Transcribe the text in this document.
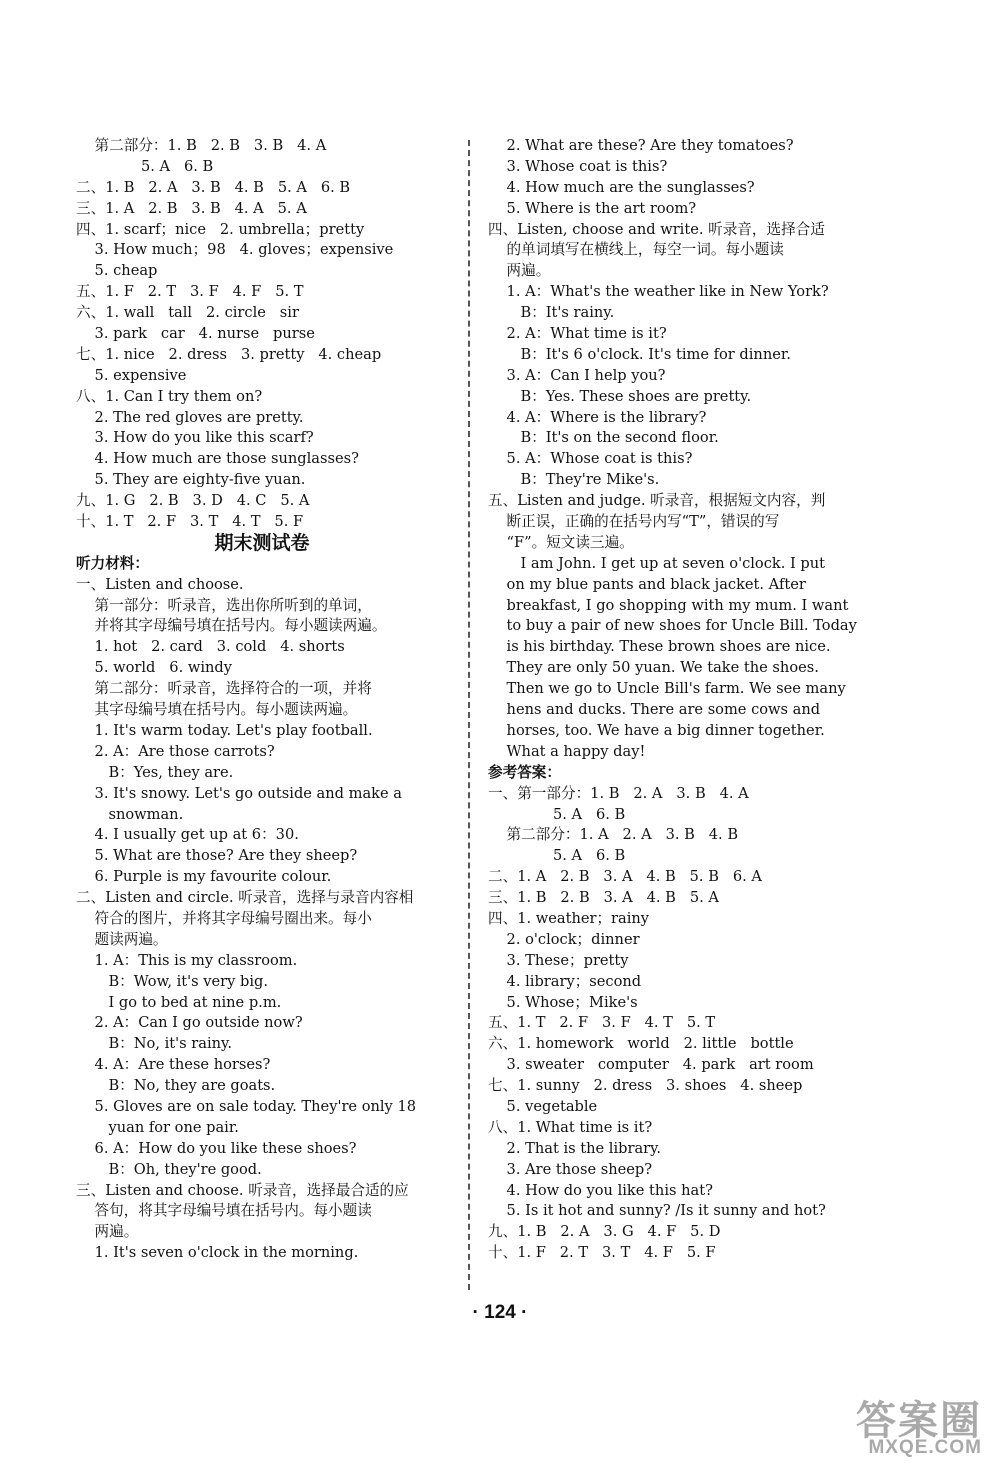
第二部分：1. B   2. B   3. B   4. A
5. A   6. B
二、1. B   2. A   3. B   4. B   5. A   6. B
三、1. A   2. B   3. B   4. A   5. A
四、1. scarf；nice   2. umbrella；pretty
3. How much；98   4. gloves；expensive
5. cheap
五、1. F   2. T   3. F   4. F   5. T
六、1. wall   tall   2. circle   sir
3. park   car   4. nurse   purse
七、1. nice   2. dress   3. pretty   4. cheap
5. expensive
八、1. Can I try them on?
2. The red gloves are pretty.
3. How do you like this scarf?
4. How much are those sunglasses?
5. They are eighty-five yuan.
九、1. G   2. B   3. D   4. C   5. A
十、1. T   2. F   3. T   4. T   5. F
期末测试卷
听力材料：
一、Listen and choose.
第一部分：听录音，选出你所听到的单词，
并将其字母编号填在括号内。每小题读两遍。
1. hot   2. card   3. cold   4. shorts
5. world   6. windy
第二部分：听录音，选择符合的一项，并将
其字母编号填在括号内。每小题读两遍。
1. It's warm today. Let's play football.
2. A：Are those carrots?
B：Yes, they are.
3. It's snowy. Let's go outside and make a
snowman.
4. I usually get up at 6：30.
5. What are those? Are they sheep?
6. Purple is my favourite colour.
二、Listen and circle. 听录音，选择与录音内容相
符合的图片，并将其字母编号圈出来。每小
题读两遍。
1. A：This is my classroom.
B：Wow, it's very big.
I go to bed at nine p.m.
2. A：Can I go outside now?
B：No, it's rainy.
4. A：Are these horses?
B：No, they are goats.
5. Gloves are on sale today. They're only 18
yuan for one pair.
6. A：How do you like these shoes?
B：Oh, they're good.
三、Listen and choose. 听录音，选择最合适的应
答句，将其字母编号填在括号内。每小题读
两遍。
1. It's seven o'clock in the morning.
2. What are these? Are they tomatoes?
3. Whose coat is this?
4. How much are the sunglasses?
5. Where is the art room?
四、Listen, choose and write. 听录音，选择合适
的单词填写在横线上，每空一词。每小题读
两遍。
1. A：What's the weather like in New York?
B：It's rainy.
2. A：What time is it?
B：It's 6 o'clock. It's time for dinner.
3. A：Can I help you?
B：Yes. These shoes are pretty.
4. A：Where is the library?
B：It's on the second floor.
5. A：Whose coat is this?
B：They're Mike's.
五、Listen and judge. 听录音，根据短文内容，判
断正误，正确的在括号内写“T”，错误的写
“F”。短文读三遍。
I am John. I get up at seven o'clock. I put
on my blue pants and black jacket. After
breakfast, I go shopping with my mum. I want
to buy a pair of new shoes for Uncle Bill. Today
is his birthday. These brown shoes are nice.
They are only 50 yuan. We take the shoes.
Then we go to Uncle Bill's farm. We see many
hens and ducks. There are some cows and
horses, too. We have a big dinner together.
What a happy day!
参考答案：
一、第一部分：1. B   2. A   3. B   4. A
5. A   6. B
第二部分：1. A   2. A   3. B   4. B
5. A   6. B
二、1. A   2. B   3. A   4. B   5. B   6. A
三、1. B   2. B   3. A   4. B   5. A
四、1. weather；rainy
2. o'clock；dinner
3. These；pretty
4. library；second
5. Whose；Mike's
五、1. T   2. F   3. F   4. T   5. T
六、1. homework   world   2. little   bottle
3. sweater   computer   4. park   art room
七、1. sunny   2. dress   3. shoes   4. sheep
5. vegetable
八、1. What time is it?
2. That is the library.
3. Are those sheep?
4. How do you like this hat?
5. Is it hot and sunny? /Is it sunny and hot?
九、1. B   2. A   3. G   4. F   5. D
十、1. F   2. T   3. T   4. F   5. F
· 124 ·
答案圈
MXQE.COM
